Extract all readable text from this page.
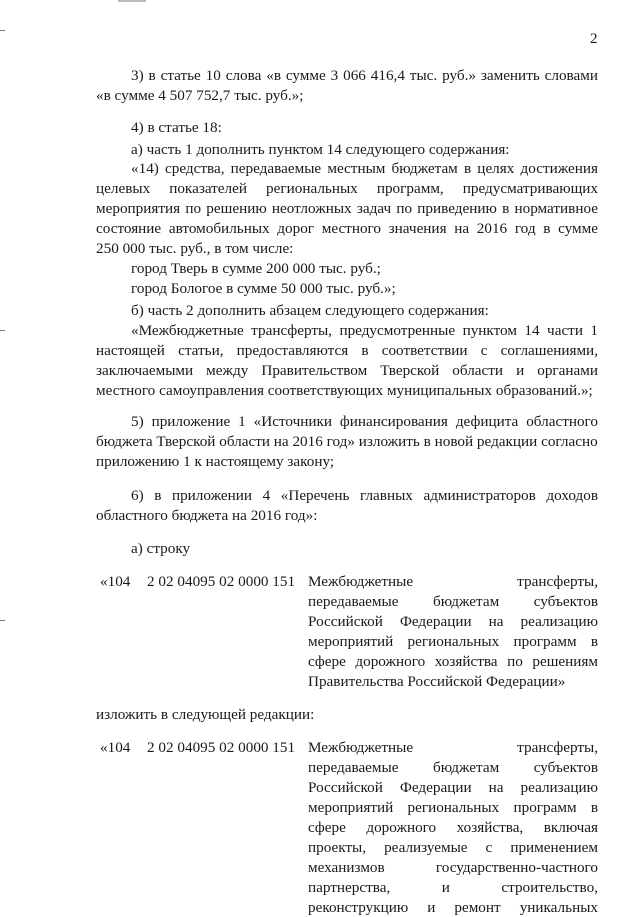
2
3) в статье 10 слова «в сумме 3 066 416,4 тыс. руб.» заменить словами
«в сумме 4 507 752,7 тыс. руб.»;
4) в статье 18:
а) часть 1 дополнить пунктом 14 следующего содержания:
«14) средства, передаваемые местным бюджетам в целях достижения
целевых показателей региональных программ, предусматривающих
мероприятия по решению неотложных задач по приведению в нормативное
состояние автомобильных дорог местного значения на 2016 год в сумме
250 000 тыс. руб., в том числе:
город Тверь в сумме 200 000 тыс. руб.;
город Бологое в сумме 50 000 тыс. руб.»;
б) часть 2 дополнить абзацем следующего содержания:
«Межбюджетные трансферты, предусмотренные пунктом 14 части 1
настоящей статьи, предоставляются в соответствии с соглашениями,
заключаемыми между Правительством Тверской области и органами
местного самоуправления соответствующих муниципальных образований.»;
5) приложение 1 «Источники финансирования дефицита областного
бюджета Тверской области на 2016 год» изложить в новой редакции согласно
приложению 1 к настоящему закону;
6) в приложении 4 «Перечень главных администраторов доходов
областного бюджета на 2016 год»:
а) строку
«104 2 02 04095 02 0000 151 Межбюджетные трансферты,
передаваемые бюджетам субъектов
Российской Федерации на реализацию
мероприятий региональных программ в
сфере дорожного хозяйства по решениям
Правительства Российской Федерации»
изложить в следующей редакции:
«104 2 02 04095 02 0000 151 Межбюджетные трансферты,
передаваемые бюджетам субъектов
Российской Федерации на реализацию
мероприятий региональных программ в
сфере дорожного хозяйства, включая
проекты, реализуемые с применением
механизмов государственно-частного
партнерства, и строительство,
реконструкцию и ремонт уникальных
